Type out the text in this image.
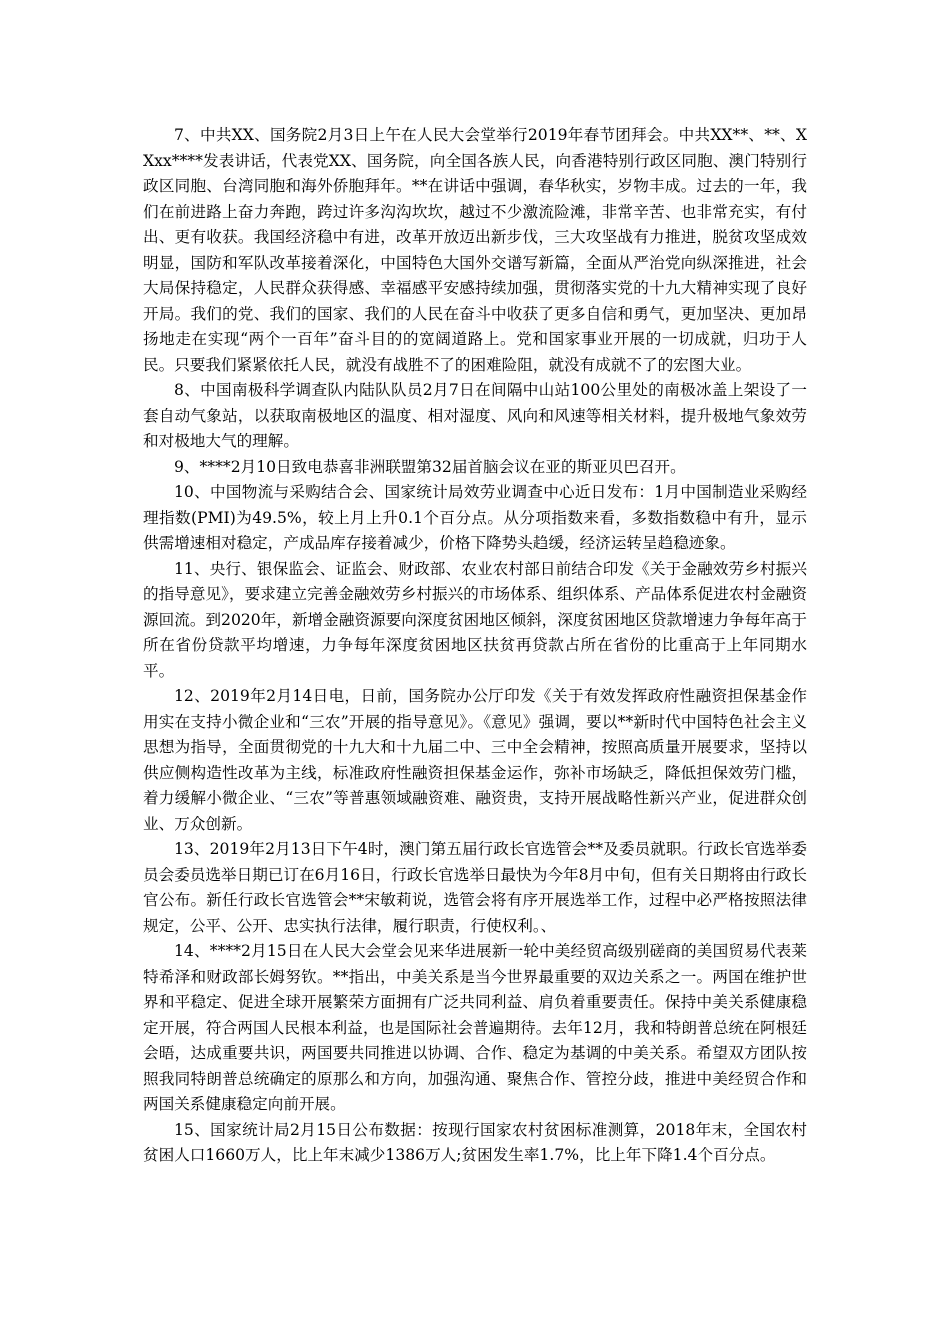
7、中共XX、国务院2月3日上午在人民大会堂举行2019年春节团拜会。中共XX**、**、XXxx****发表讲话，代表党XX、国务院，向全国各族人民，向香港特别行政区同胞、澳门特别行政区同胞、台湾同胞和海外侨胞拜年。**在讲话中强调，春华秋实，岁物丰成。过去的一年，我们在前进路上奋力奔跑，跨过许多沟沟坎坎，越过不少激流险滩，非常辛苦、也非常充实，有付出、更有收获。我国经济稳中有进，改革开放迈出新步伐，三大攻坚战有力推进，脱贫攻坚成效明显，国防和军队改革接着深化，中国特色大国外交谱写新篇，全面从严治党向纵深推进，社会大局保持稳定，人民群众获得感、幸福感平安感持续加强，贯彻落实党的十九大精神实现了良好开局。我们的党、我们的国家、我们的人民在奋斗中收获了更多自信和勇气，更加坚决、更加昂扬地走在实现“两个一百年”奋斗目的的宽阔道路上。党和国家事业开展的一切成就，归功于人民。只要我们紧紧依托人民，就没有战胜不了的困难险阻，就没有成就不了的宏图大业。

8、中国南极科学调查队内陆队队员2月7日在间隔中山站100公里处的南极冰盖上架设了一套自动气象站，以获取南极地区的温度、相对湿度、风向和风速等相关材料，提升极地气象效劳和对极地大气的理解。

9、****2月10日致电恭喜非洲联盟第32届首脑会议在亚的斯亚贝巴召开。

10、中国物流与采购结合会、国家统计局效劳业调查中心近日发布：1月中国制造业采购经理指数(PMI)为49.5%，较上月上升0.1个百分点。从分项指数来看，多数指数稳中有升，显示供需增速相对稳定，产成品库存接着减少，价格下降势头趋缓，经济运转呈趋稳迹象。

11、央行、银保监会、证监会、财政部、农业农村部日前结合印发《关于金融效劳乡村振兴的指导意见》，要求建立完善金融效劳乡村振兴的市场体系、组织体系、产品体系促进农村金融资源回流。到2020年，新增金融资源要向深度贫困地区倾斜，深度贫困地区贷款增速力争每年高于所在省份贷款平均增速，力争每年深度贫困地区扶贫再贷款占所在省份的比重高于上年同期水平。

12、2019年2月14日电，日前，国务院办公厅印发《关于有效发挥政府性融资担保基金作用实在支持小微企业和“三农”开展的指导意见》。《意见》强调，要以**新时代中国特色社会主义思想为指导，全面贯彻党的十九大和十九届二中、三中全会精神，按照高质量开展要求，坚持以供应侧构造性改革为主线，标准政府性融资担保基金运作，弥补市场缺乏，降低担保效劳门槛，着力缓解小微企业、“三农”等普惠领域融资难、融资贵，支持开展战略性新兴产业，促进群众创业、万众创新。

13、2019年2月13日下午4时，澳门第五届行政长官选管会**及委员就职。行政长官选举委员会委员选举日期已订在6月16日，行政长官选举日最快为今年8月中旬，但有关日期将由行政长官公布。新任行政长官选管会**宋敏莉说，选管会将有序开展选举工作，过程中必严格按照法律规定，公平、公开、忠实执行法律，履行职责，行使权利。、

14、****2月15日在人民大会堂会见来华进展新一轮中美经贸高级别磋商的美国贸易代表莱特希泽和财政部长姆努钦。**指出，中美关系是当今世界最重要的双边关系之一。两国在维护世界和平稳定、促进全球开展繁荣方面拥有广泛共同利益、肩负着重要责任。保持中美关系健康稳定开展，符合两国人民根本利益，也是国际社会普遍期待。去年12月，我和特朗普总统在阿根廷会晤，达成重要共识，两国要共同推进以协调、合作、稳定为基调的中美关系。希望双方团队按照我同特朗普总统确定的原那么和方向，加强沟通、聚焦合作、管控分歧，推进中美经贸合作和两国关系健康稳定向前开展。

15、国家统计局2月15日公布数据：按现行国家农村贫困标准测算，2018年末，全国农村贫困人口1660万人，比上年末减少1386万人;贫困发生率1.7%，比上年下降1.4个百分点。
